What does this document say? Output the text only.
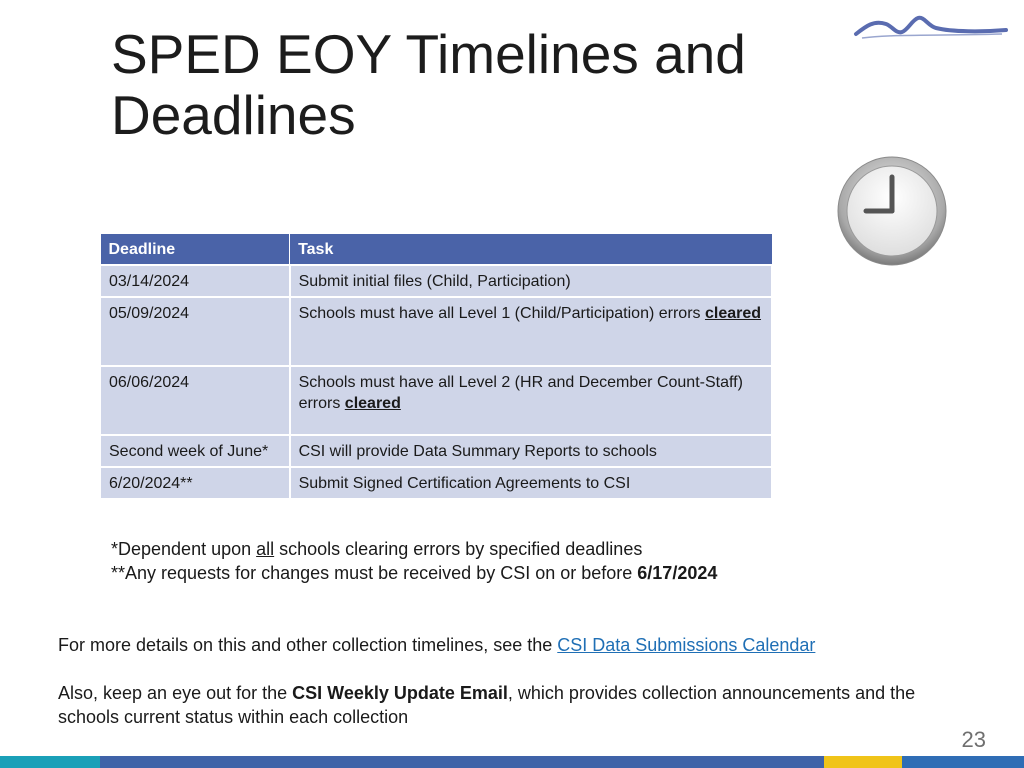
SPED EOY Timelines and
Deadlines
Deadline	Task
03/14/2024	Submit initial files (Child, Participation)
05/09/2024	Schools must have all Level 1 (Child/Participation) errors cleared
06/06/2024	Schools must have all Level 2 (HR and December Count-Staff) errors cleared
Second week of June*	CSI will provide Data Summary Reports to schools
6/20/2024**	Submit Signed Certification Agreements to CSI
*Dependent upon all schools clearing errors by specified deadlines
**Any requests for changes must be received by CSI on or before 6/17/2024
For more details on this and other collection timelines, see the CSI Data Submissions Calendar
Also, keep an eye out for the CSI Weekly Update Email, which provides collection announcements and the schools current status within each collection
23
